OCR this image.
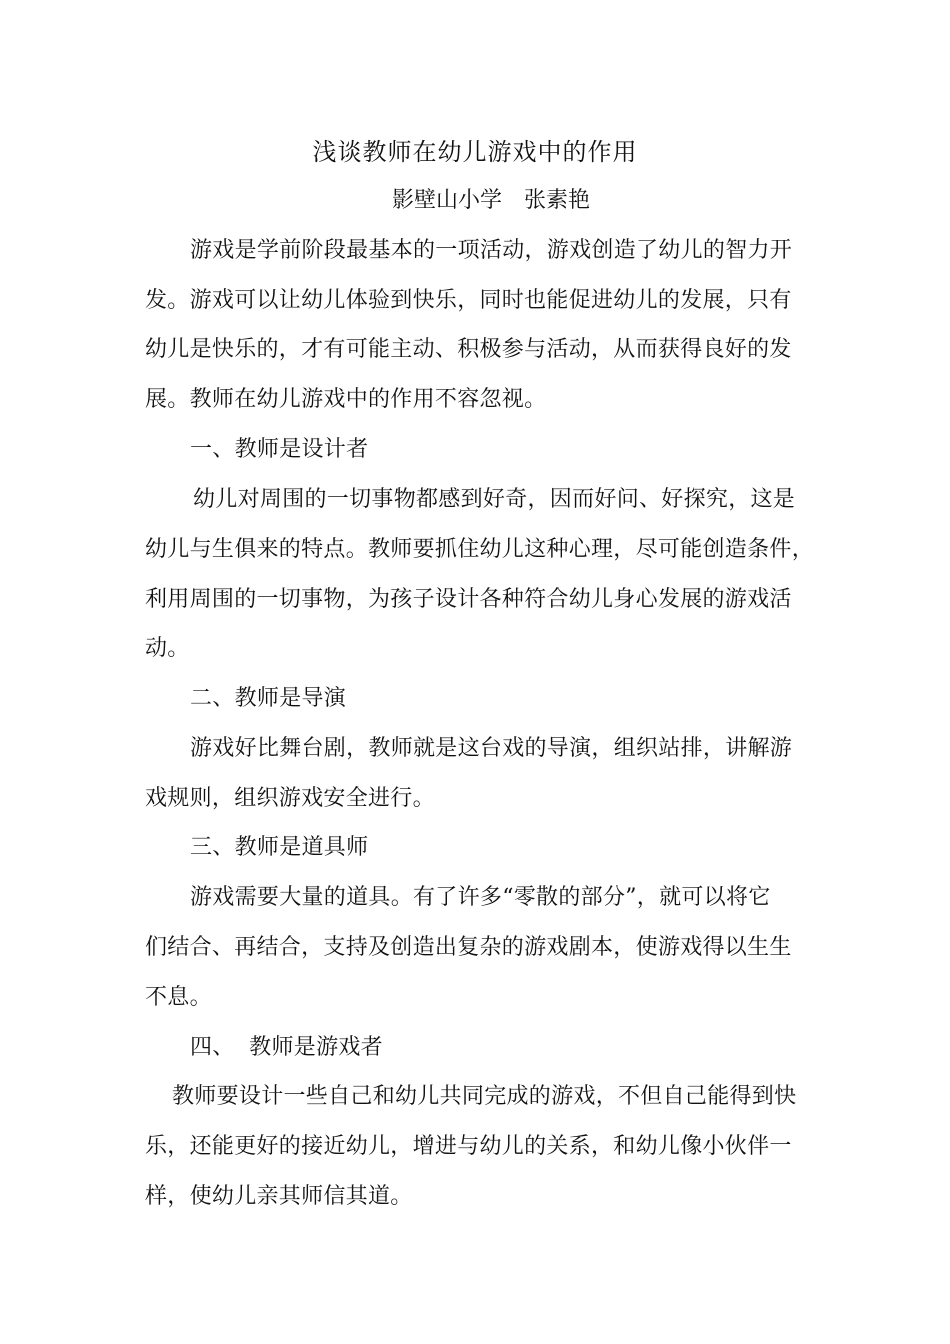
浅谈教师在幼儿游戏中的作用
影壁山小学 张素艳
游戏是学前阶段最基本的一项活动，游戏创造了幼儿的智力开
发。游戏可以让幼儿体验到快乐，同时也能促进幼儿的发展，只有
幼儿是快乐的，才有可能主动、积极参与活动，从而获得良好的发
展。教师在幼儿游戏中的作用不容忽视。
一、教师是设计者
幼儿对周围的一切事物都感到好奇，因而好问、好探究，这是
幼儿与生俱来的特点。教师要抓住幼儿这种心理，尽可能创造条件，
利用周围的一切事物，为孩子设计各种符合幼儿身心发展的游戏活
动。
二、教师是导演
游戏好比舞台剧，教师就是这台戏的导演，组织站排，讲解游
戏规则，组织游戏安全进行。
三、教师是道具师
游戏需要大量的道具。有了许多“零散的部分”，就可以将它
们结合、再结合，支持及创造出复杂的游戏剧本，使游戏得以生生
不息。
四、  教师是游戏者
教师要设计一些自己和幼儿共同完成的游戏，不但自己能得到快
乐，还能更好的接近幼儿，增进与幼儿的关系，和幼儿像小伙伴一
样，使幼儿亲其师信其道。
